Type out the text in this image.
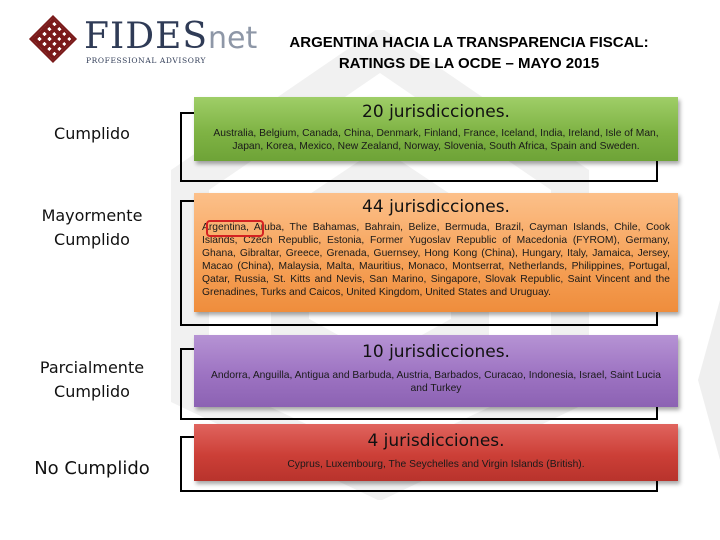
FIDESnet
PROFESSIONAL ADVISORY
ARGENTINA HACIA LA TRANSPARENCIA FISCAL:
RATINGS DE LA OCDE – MAYO 2015
Cumplido
Mayormente
Cumplido
Parcialmente
Cumplido
No Cumplido
20 jurisdicciones.
Australia, Belgium, Canada, China, Denmark, Finland, France, Iceland, India, Ireland, Isle of Man, Japan, Korea, Mexico, New Zealand, Norway, Slovenia, South Africa, Spain and Sweden.
44 jurisdicciones.
Argentina, Aruba, The Bahamas, Bahrain, Belize, Bermuda, Brazil, Cayman Islands, Chile, Cook Islands, Czech Republic, Estonia, Former Yugoslav Republic of Macedonia (FYROM), Germany, Ghana, Gibraltar, Greece, Grenada, Guernsey, Hong Kong (China), Hungary, Italy, Jamaica, Jersey, Macao (China), Malaysia, Malta, Mauritius, Monaco, Montserrat, Netherlands, Philippines, Portugal, Qatar, Russia, St. Kitts and Nevis, San Marino, Singapore, Slovak Republic, Saint Vincent and the Grenadines, Turks and Caicos, United Kingdom, United States and Uruguay.
10 jurisdicciones.
Andorra, Anguilla, Antigua and Barbuda, Austria, Barbados, Curacao, Indonesia, Israel, Saint Lucia and Turkey
4 jurisdicciones.
Cyprus, Luxembourg, The Seychelles and Virgin Islands (British).
